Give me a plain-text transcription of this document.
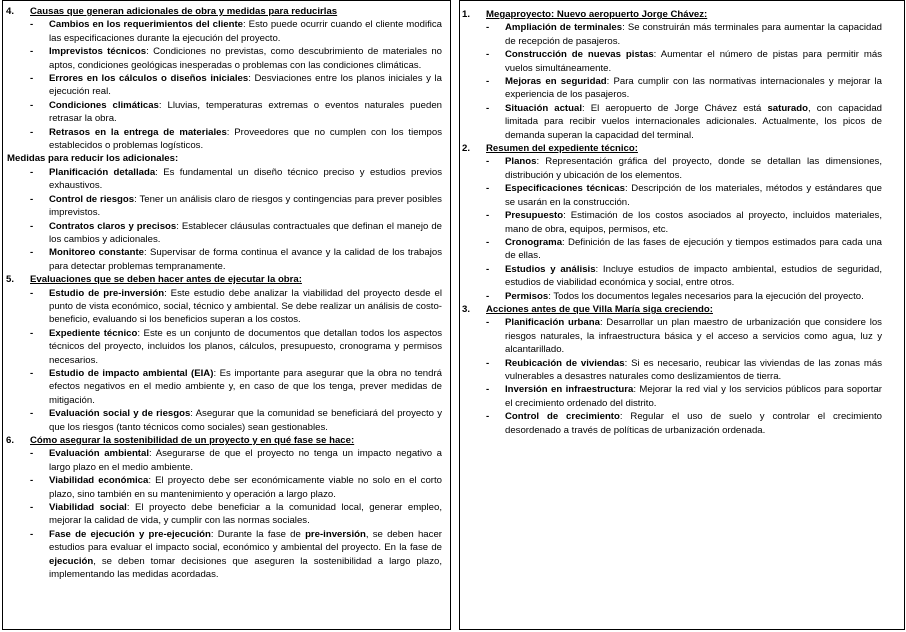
4. Causas que generan adicionales de obra y medidas para reducirlas
- Cambios en los requerimientos del cliente: Esto puede ocurrir cuando el cliente modifica las especificaciones durante la ejecución del proyecto.
- Imprevistos técnicos: Condiciones no previstas, como descubrimiento de materiales no aptos, condiciones geológicas inesperadas o problemas con las condiciones climáticas.
- Errores en los cálculos o diseños iniciales: Desviaciones entre los planos iniciales y la ejecución real.
- Condiciones climáticas: Lluvias, temperaturas extremas o eventos naturales pueden retrasar la obra.
- Retrasos en la entrega de materiales: Proveedores que no cumplen con los tiempos establecidos o problemas logísticos.
Medidas para reducir los adicionales:
- Planificación detallada: Es fundamental un diseño técnico preciso y estudios previos exhaustivos.
- Control de riesgos: Tener un análisis claro de riesgos y contingencias para prever posibles imprevistos.
- Contratos claros y precisos: Establecer cláusulas contractuales que definan el manejo de los cambios y adicionales.
- Monitoreo constante: Supervisar de forma continua el avance y la calidad de los trabajos para detectar problemas tempranamente.
5. Evaluaciones que se deben hacer antes de ejecutar la obra:
- Estudio de pre-inversión: Este estudio debe analizar la viabilidad del proyecto desde el punto de vista económico, social, técnico y ambiental. Se debe realizar un análisis de costo-beneficio, evaluando si los beneficios superan a los costos.
- Expediente técnico: Este es un conjunto de documentos que detallan todos los aspectos técnicos del proyecto, incluidos los planos, cálculos, presupuesto, cronograma y permisos necesarios.
- Estudio de impacto ambiental (EIA): Es importante para asegurar que la obra no tendrá efectos negativos en el medio ambiente y, en caso de que los tenga, prever medidas de mitigación.
- Evaluación social y de riesgos: Asegurar que la comunidad se beneficiará del proyecto y que los riesgos (tanto técnicos como sociales) sean gestionables.
6. Cómo asegurar la sostenibilidad de un proyecto y en qué fase se hace:
- Evaluación ambiental: Asegurarse de que el proyecto no tenga un impacto negativo a largo plazo en el medio ambiente.
- Viabilidad económica: El proyecto debe ser económicamente viable no solo en el corto plazo, sino también en su mantenimiento y operación a largo plazo.
- Viabilidad social: El proyecto debe beneficiar a la comunidad local, generar empleo, mejorar la calidad de vida, y cumplir con las normas sociales.
- Fase de ejecución y pre-ejecución: Durante la fase de pre-inversión, se deben hacer estudios para evaluar el impacto social, económico y ambiental del proyecto. En la fase de ejecución, se deben tomar decisiones que aseguren la sostenibilidad a largo plazo, implementando las medidas acordadas.
1. Megaproyecto: Nuevo aeropuerto Jorge Chávez:
- Ampliación de terminales: Se construirán más terminales para aumentar la capacidad de recepción de pasajeros.
- Construcción de nuevas pistas: Aumentar el número de pistas para permitir más vuelos simultáneamente.
- Mejoras en seguridad: Para cumplir con las normativas internacionales y mejorar la experiencia de los pasajeros.
- Situación actual: El aeropuerto de Jorge Chávez está saturado, con capacidad limitada para recibir vuelos internacionales adicionales. Actualmente, los picos de demanda superan la capacidad del terminal.
2. Resumen del expediente técnico:
- Planos: Representación gráfica del proyecto, donde se detallan las dimensiones, distribución y ubicación de los elementos.
- Especificaciones técnicas: Descripción de los materiales, métodos y estándares que se usarán en la construcción.
- Presupuesto: Estimación de los costos asociados al proyecto, incluidos materiales, mano de obra, equipos, permisos, etc.
- Cronograma: Definición de las fases de ejecución y tiempos estimados para cada una de ellas.
- Estudios y análisis: Incluye estudios de impacto ambiental, estudios de seguridad, estudios de viabilidad económica y social, entre otros.
- Permisos: Todos los documentos legales necesarios para la ejecución del proyecto.
3. Acciones antes de que Villa María siga creciendo:
- Planificación urbana: Desarrollar un plan maestro de urbanización que considere los riesgos naturales, la infraestructura básica y el acceso a servicios como agua, luz y alcantarillado.
- Reubicación de viviendas: Si es necesario, reubicar las viviendas de las zonas más vulnerables a desastres naturales como deslizamientos de tierra.
- Inversión en infraestructura: Mejorar la red vial y los servicios públicos para soportar el crecimiento ordenado del distrito.
- Control de crecimiento: Regular el uso de suelo y controlar el crecimiento desordenado a través de políticas de urbanización ordenada.
